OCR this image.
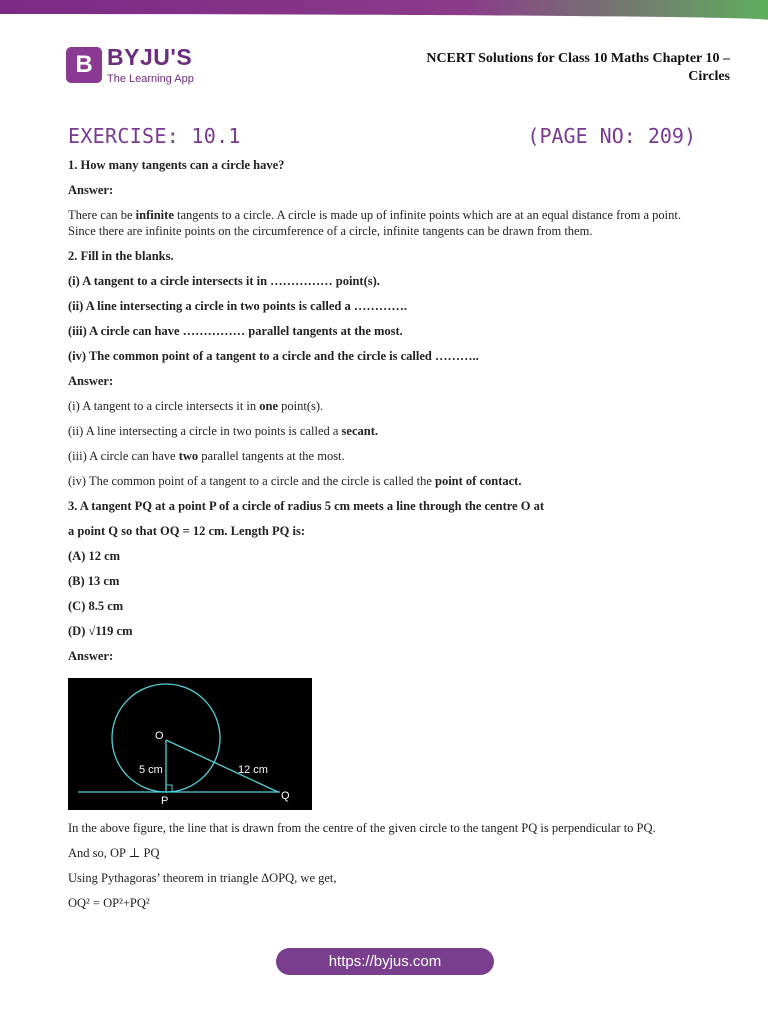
B BYJU'S
The Learning App
NCERT Solutions for Class 10 Maths Chapter 10 –
Circles
EXERCISE: 10.1	(PAGE NO: 209)

1. How many tangents can a circle have?

Answer:

There can be infinite tangents to a circle. A circle is made up of infinite points which are at an equal distance from a point. Since there are infinite points on the circumference of a circle, infinite tangents can be drawn from them.

2. Fill in the blanks.

(i) A tangent to a circle intersects it in …………… point(s).

(ii) A line intersecting a circle in two points is called a ………….

(iii) A circle can have …………… parallel tangents at the most.

(iv) The common point of a tangent to a circle and the circle is called ………..

Answer:

(i) A tangent to a circle intersects it in one point(s).

(ii) A line intersecting a circle in two points is called a secant.

(iii) A circle can have two parallel tangents at the most.

(iv) The common point of a tangent to a circle and the circle is called the point of contact.

3. A tangent PQ at a point P of a circle of radius 5 cm meets a line through the centre O at

a point Q so that OQ = 12 cm. Length PQ is:

(A) 12 cm

(B) 13 cm

(C) 8.5 cm

(D) √119 cm

Answer:

O
5 cm	12 cm
P	Q

In the above figure, the line that is drawn from the centre of the given circle to the tangent PQ is perpendicular to PQ.

And so, OP ⊥ PQ

Using Pythagoras’ theorem in triangle ΔOPQ, we get,

OQ² = OP²+PQ²

https://byjus.com
